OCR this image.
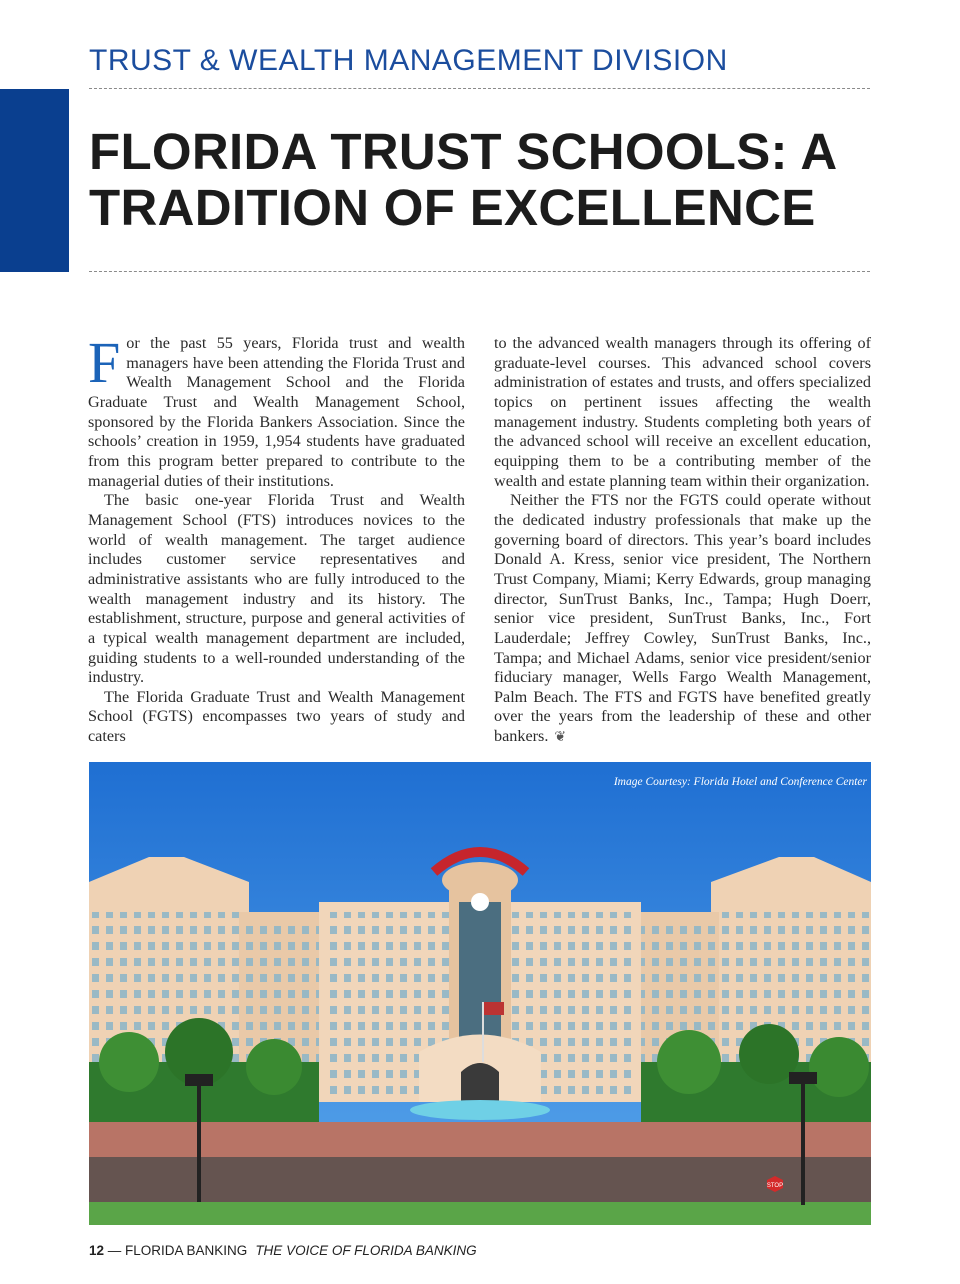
TRUST & WEALTH MANAGEMENT DIVISION
FLORIDA TRUST SCHOOLS: A
TRADITION OF EXCELLENCE

For the past 55 years, Florida trust and wealth managers have been attending the Florida Trust and Wealth Management School and the Florida Graduate Trust and Wealth Management School, sponsored by the Florida Bankers Association. Since the schools’ creation in 1959, 1,954 students have graduated from this program better prepared to contribute to the managerial duties of their institutions.

The basic one-year Florida Trust and Wealth Management School (FTS) introduces novices to the world of wealth management. The target audience includes customer service representatives and administrative assistants who are fully introduced to the wealth management industry and its history. The establishment, structure, purpose and general activities of a typical wealth management department are included, guiding students to a well-rounded understanding of the industry.

The Florida Graduate Trust and Wealth Management School (FGTS) encompasses two years of study and caters

to the advanced wealth managers through its offering of graduate-level courses. This advanced school covers administration of estates and trusts, and offers specialized topics on pertinent issues affecting the wealth management industry. Students completing both years of the advanced school will receive an excellent education, equipping them to be a contributing member of the wealth and estate planning team within their organization.

Neither the FTS nor the FGTS could operate without the dedicated industry professionals that make up the governing board of directors. This year’s board includes Donald A. Kress, senior vice president, The Northern Trust Company, Miami; Kerry Edwards, group managing director, SunTrust Banks, Inc., Tampa; Hugh Doerr, senior vice president, SunTrust Banks, Inc., Fort Lauderdale; Jeffrey Cowley, SunTrust Banks, Inc., Tampa; and Michael Adams, senior vice president/senior fiduciary manager, Wells Fargo Wealth Management, Palm Beach. The FTS and FGTS have benefited greatly over the years from the leadership of these and other bankers. ❦

STOP
Image Courtesy: Florida Hotel and Conference Center
12 — FLORIDA BANKING THE VOICE OF FLORIDA BANKING
